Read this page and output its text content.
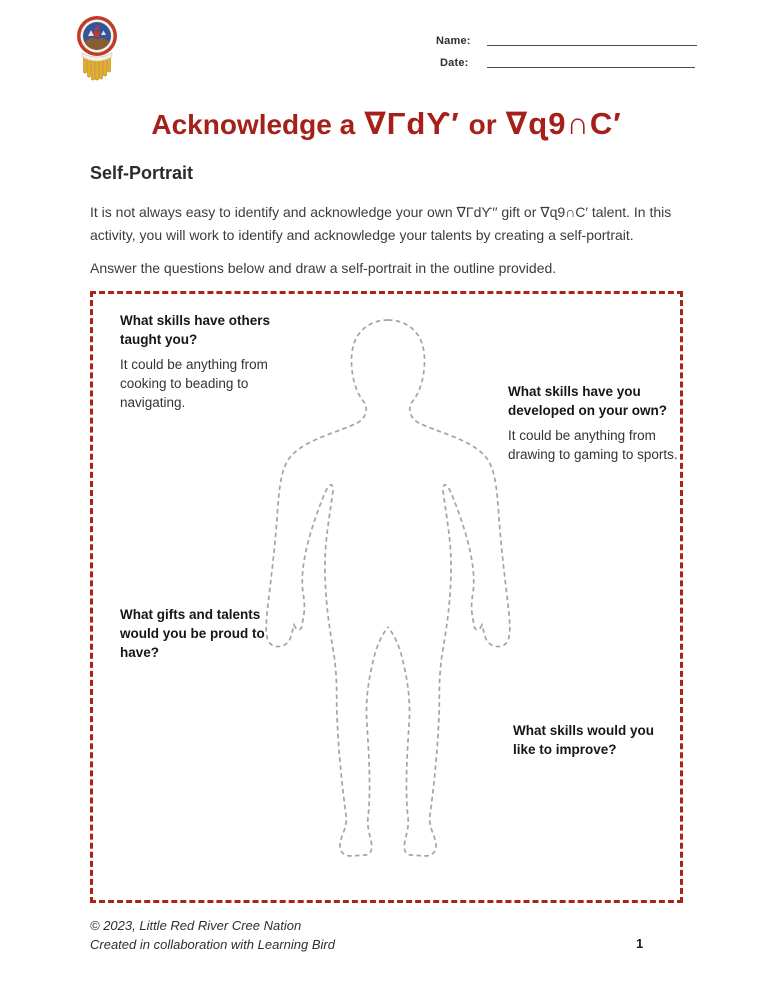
Name:
Date:
Acknowledge a ∇Γdϒ′ or ∇ɋ9∩C′
Self-Portrait

It is not always easy to identify and acknowledge your own ∇Γdϒ′′ gift or ∇ɋ9∩C′ talent. In this activity, you will work to identify and acknowledge your talents by creating a self-portrait.

Answer the questions below and draw a self-portrait in the outline provided.

What skills have others taught you?
It could be anything from cooking to beading to navigating.
What skills have you developed on your own?
It could be anything from drawing to gaming to sports.
What gifts and talents would you be proud to have?
What skills would you like to improve?
© 2023, Little Red River Cree Nation
Created in collaboration with Learning Bird	1
